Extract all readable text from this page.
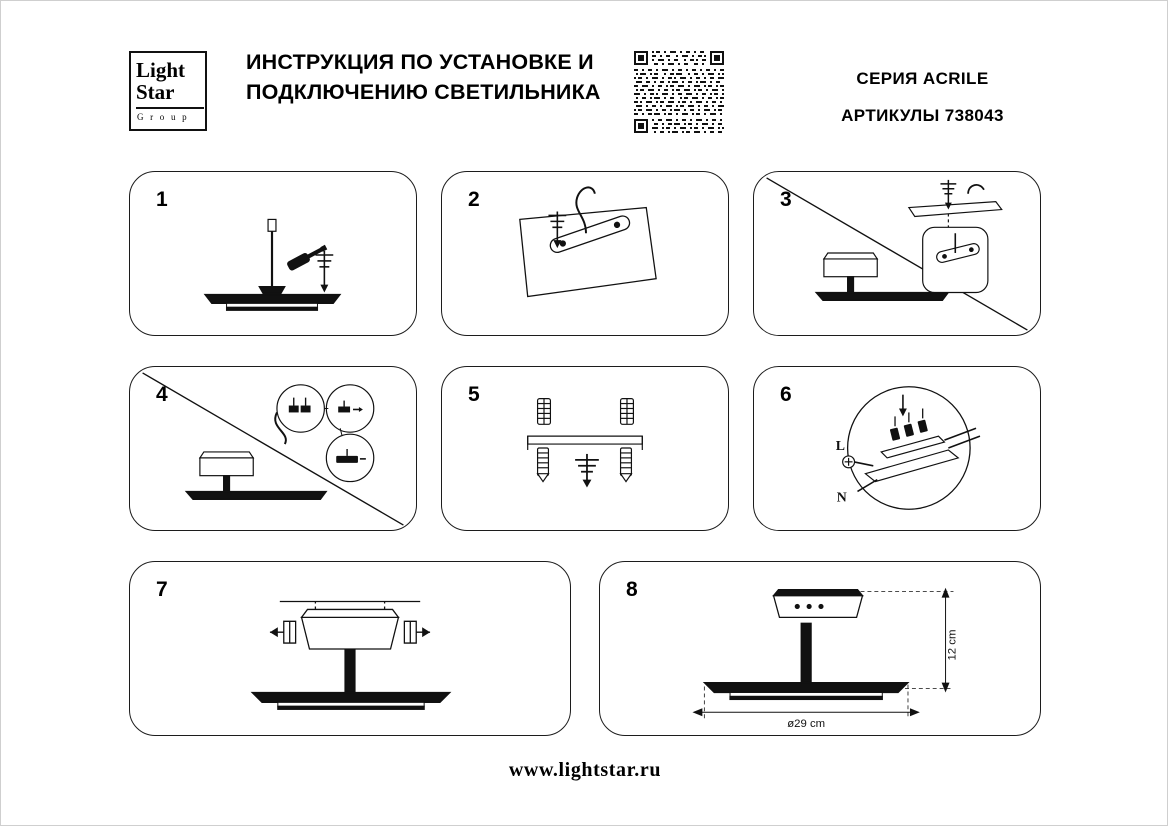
Light
Star
G r o u p
ИНСТРУКЦИЯ ПО УСТАНОВКЕ И ПОДКЛЮЧЕНИЮ СВЕТИЛЬНИКА
СЕРИЯ ACRILE
АРТИКУЛЫ 738043
1	2	3
4	5	6
L
N
7	8
12 cm
ø29 cm
www.lightstar.ru
